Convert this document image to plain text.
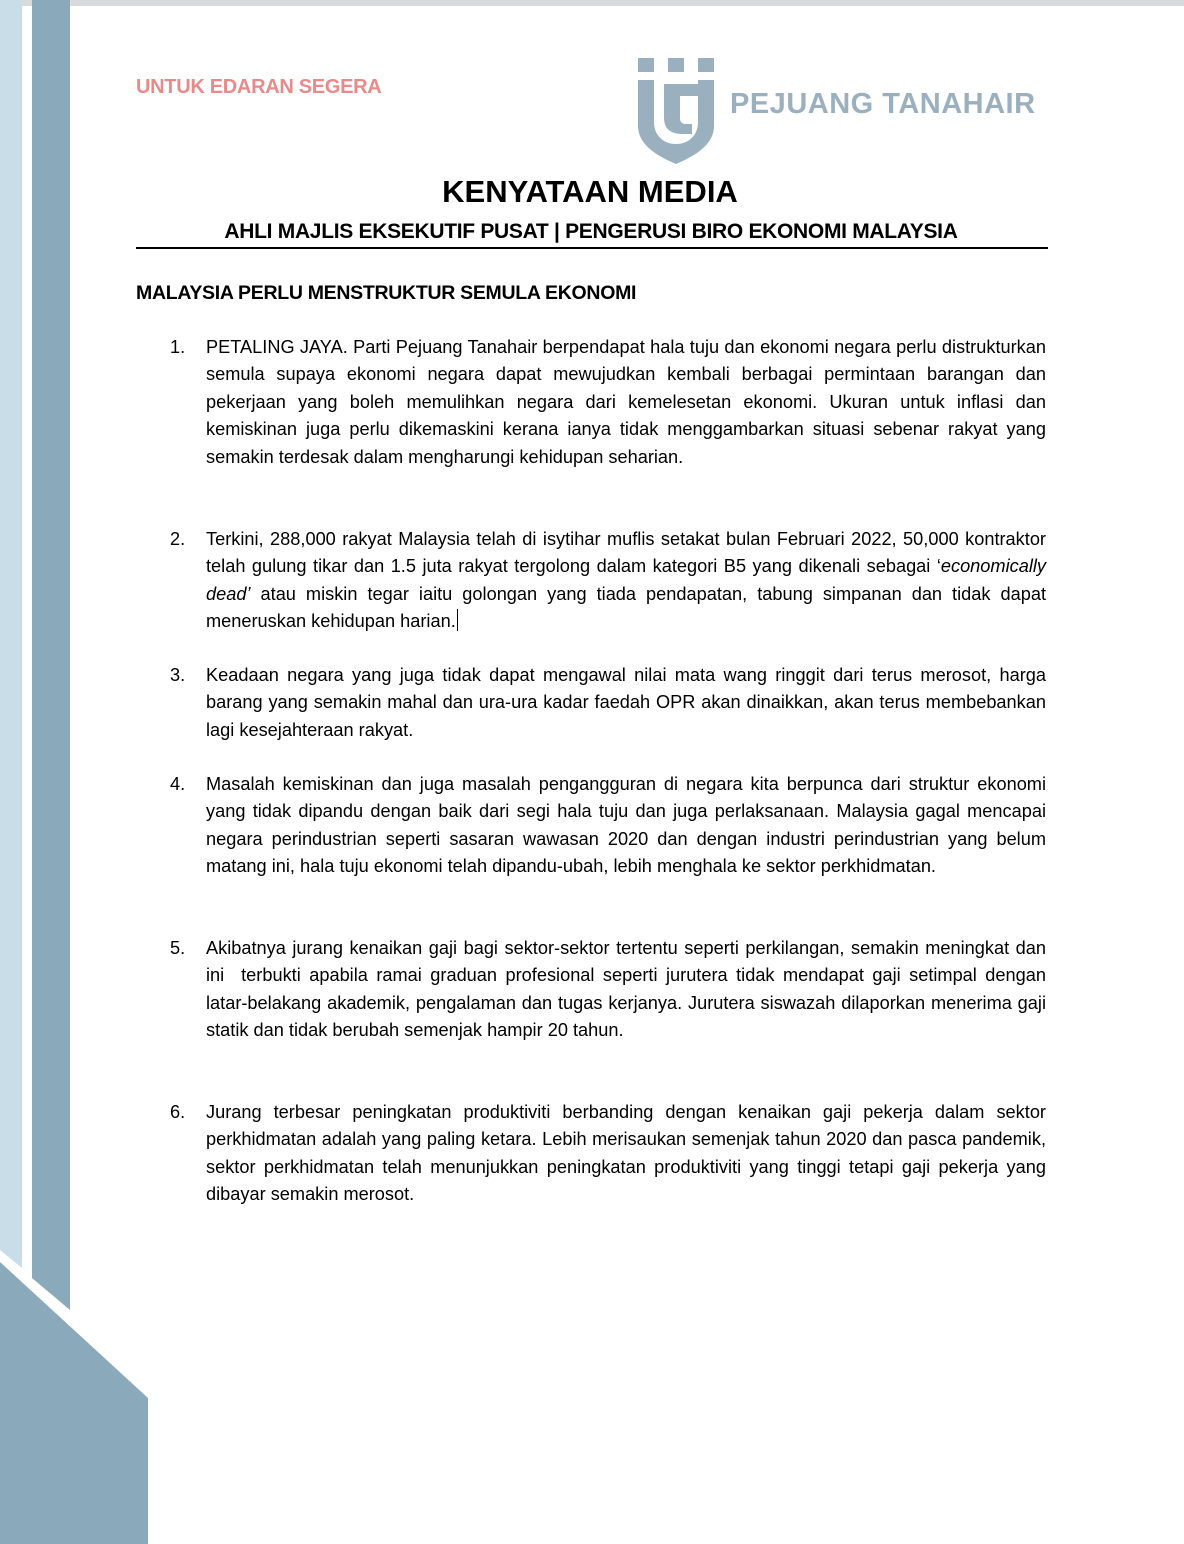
UNTUK EDARAN SEGERA
PEJUANG TANAHAIR
KENYATAAN MEDIA
AHLI MAJLIS EKSEKUTIF PUSAT | PENGERUSI BIRO EKONOMI MALAYSIA
MALAYSIA PERLU MENSTRUKTUR SEMULA EKONOMI
1. PETALING JAYA. Parti Pejuang Tanahair berpendapat hala tuju dan ekonomi negara perlu distrukturkan semula supaya ekonomi negara dapat mewujudkan kembali berbagai permintaan barangan dan pekerjaan yang boleh memulihkan negara dari kemelesetan ekonomi. Ukuran untuk inflasi dan kemiskinan juga perlu dikemaskini kerana ianya tidak menggambarkan situasi sebenar rakyat yang semakin terdesak dalam mengharungi kehidupan seharian.
2. Terkini, 288,000 rakyat Malaysia telah di isytihar muflis setakat bulan Februari 2022, 50,000 kontraktor telah gulung tikar dan 1.5 juta rakyat tergolong dalam kategori B5 yang dikenali sebagai ‘economically dead’ atau miskin tegar iaitu golongan yang tiada pendapatan, tabung simpanan dan tidak dapat meneruskan kehidupan harian.
3. Keadaan negara yang juga tidak dapat mengawal nilai mata wang ringgit dari terus merosot, harga barang yang semakin mahal dan ura-ura kadar faedah OPR akan dinaikkan, akan terus membebankan lagi kesejahteraan rakyat.
4. Masalah kemiskinan dan juga masalah pengangguran di negara kita berpunca dari struktur ekonomi yang tidak dipandu dengan baik dari segi hala tuju dan juga perlaksanaan. Malaysia gagal mencapai negara perindustrian seperti sasaran wawasan 2020 dan dengan industri perindustrian yang belum matang ini, hala tuju ekonomi telah dipandu-ubah, lebih menghala ke sektor perkhidmatan.
5. Akibatnya jurang kenaikan gaji bagi sektor-sektor tertentu seperti perkilangan, semakin meningkat dan ini  terbukti apabila ramai graduan profesional seperti jurutera tidak mendapat gaji setimpal dengan latar-belakang akademik, pengalaman dan tugas kerjanya. Jurutera siswazah dilaporkan menerima gaji statik dan tidak berubah semenjak hampir 20 tahun.
6. Jurang terbesar peningkatan produktiviti berbanding dengan kenaikan gaji pekerja dalam sektor perkhidmatan adalah yang paling ketara. Lebih merisaukan semenjak tahun 2020 dan pasca pandemik, sektor perkhidmatan telah menunjukkan peningkatan produktiviti yang tinggi tetapi gaji pekerja yang dibayar semakin merosot.
